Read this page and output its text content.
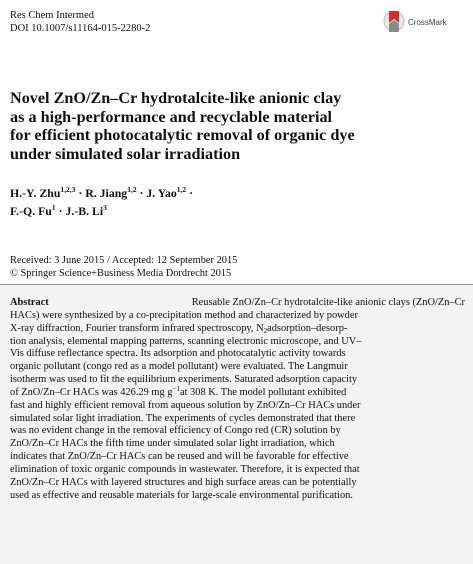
Res Chem Intermed
DOI 10.1007/s11164-015-2280-2
CrossMark
Novel ZnO/Zn–Cr hydrotalcite-like anionic clay
as a high-performance and recyclable material
for efficient photocatalytic removal of organic dye
under simulated solar irradiation
H.-Y. Zhu$^{1,2,3}$ · R. Jiang$^{1,2}$ · J. Yao$^{1,2}$ ·
F.-Q. $Fu^1 \cdot J.-B$. Li$^3$
Received: 3 June 2015 / Accepted: 12 September 2015
© Springer Science+Business Media Dordrecht 2015
Abstract	Reusable ZnO/Zn–Cr hydrotalcite-like anionic clays (ZnO/Zn–Cr
HACs) were synthesized by a co-precipitation method and characterized by powder
X-ray diffraction, Fourier transform infrared spectroscopy, $N_2adsorption-desorp-$
tion analysis, elemental mapping patterns, scanning electronic microscope, and UV–
Vis diffuse reflectance spectra. Its adsorption and photocatalytic activity towards
organic pollutant (congo red as a model pollutant) were evaluated. The Langmuir
isotherm was used to fit the equilibrium experiments. Saturated adsorption capacity
of ZnO/Zn–Cr HACs was 426.29 mg $g^{-1}at$ 308 K. The model pollutant exhibited
fast and highly efficient removal from aqueous solution by ZnO/Zn–Cr HACs under
simulated solar light irradiation. The experiments of cycles demonstrated that there
was no evident change in the removal efficiency of Congo red (CR) solution by
ZnO/Zn–Cr HACs the fifth time under simulated solar light irradiation, which
indicates that ZnO/Zn–Cr HACs can be reused and will be favorable for effective
elimination of toxic organic compounds in wastewater. Therefore, it is expected that
ZnO/Zn–Cr HACs with layered structures and high surface areas can be potentially
used as effective and reusable materials for large-scale environmental purification.
